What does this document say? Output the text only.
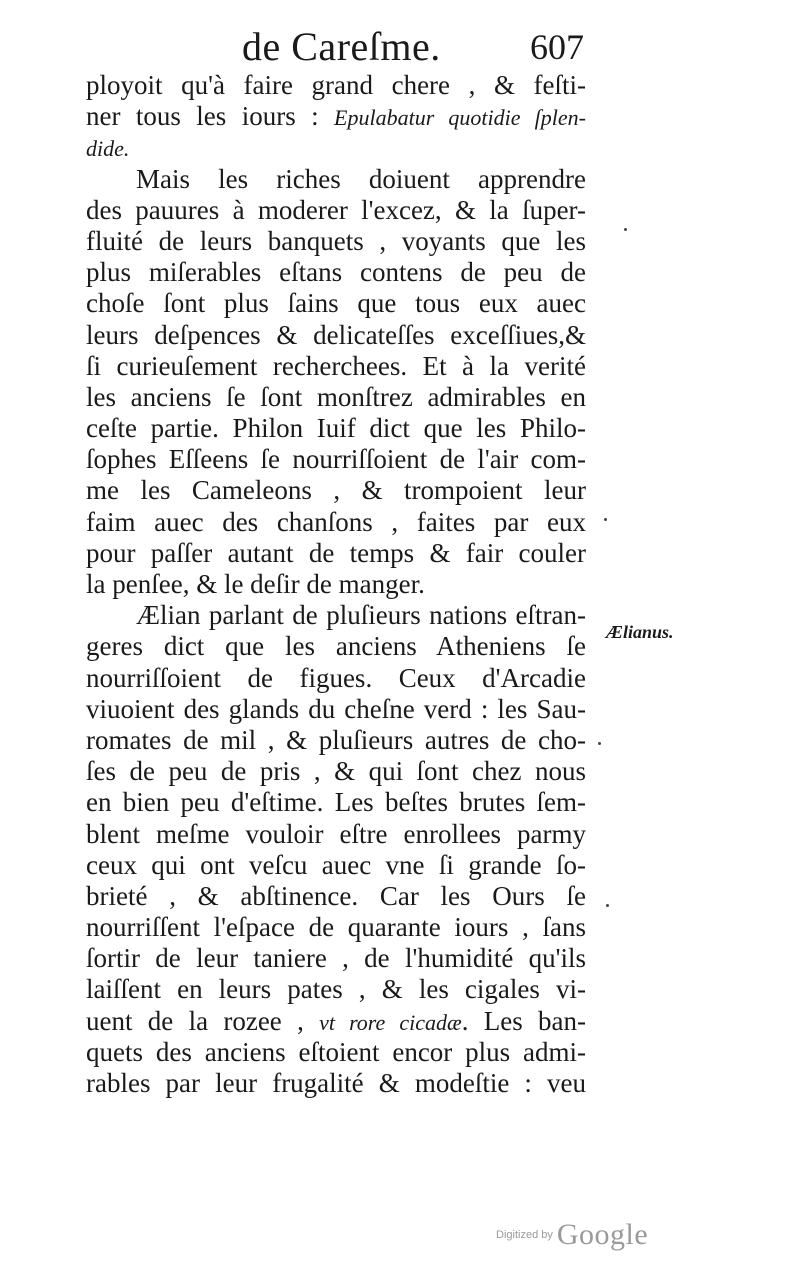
de Careſme. 607
ployoit qu'à faire grand chere , & feſti-
ner tous les iours : Epulabatur quotidie ſplen-
dide.
Mais les riches doiuent apprendre
des pauures à moderer l'excez, & la ſuper-
fluité de leurs banquets , voyants que les
plus miſerables eſtans contens de peu de
choſe ſont plus ſains que tous eux auec
leurs deſpences & delicateſſes exceſſiues,&
ſi curieuſement recherchees. Et à la verité
les anciens ſe ſont monſtrez admirables en
ceſte partie. Philon Iuif dict que les Philo-
ſophes Eſſeens ſe nourriſſoient de l'air com-
me les Cameleons , & trompoient leur
faim auec des chanſons , faites par eux
pour paſſer autant de temps & fair couler
la penſee, & le deſir de manger.
Ælian parlant de pluſieurs nations eſtran-
geres dict que les anciens Atheniens ſe
nourriſſoient de figues. Ceux d'Arcadie
viuoient des glands du cheſne verd : les Sau-
romates de mil , & pluſieurs autres de cho-
ſes de peu de pris , & qui ſont chez nous
en bien peu d'eſtime. Les beſtes brutes ſem-
blent meſme vouloir eſtre enrollees parmy
ceux qui ont veſcu auec vne ſi grande ſo-
brieté , & abſtinence. Car les Ours ſe
nourriſſent l'eſpace de quarante iours , ſans
ſortir de leur taniere , de l'humidité qu'ils
laiſſent en leurs pates , & les cigales vi-
uent de la rozee , vt rore cicadæ. Les ban-
quets des anciens eſtoient encor plus admi-
rables par leur frugalité & modeſtie : veu
Ælianus.
Digitized by Google
